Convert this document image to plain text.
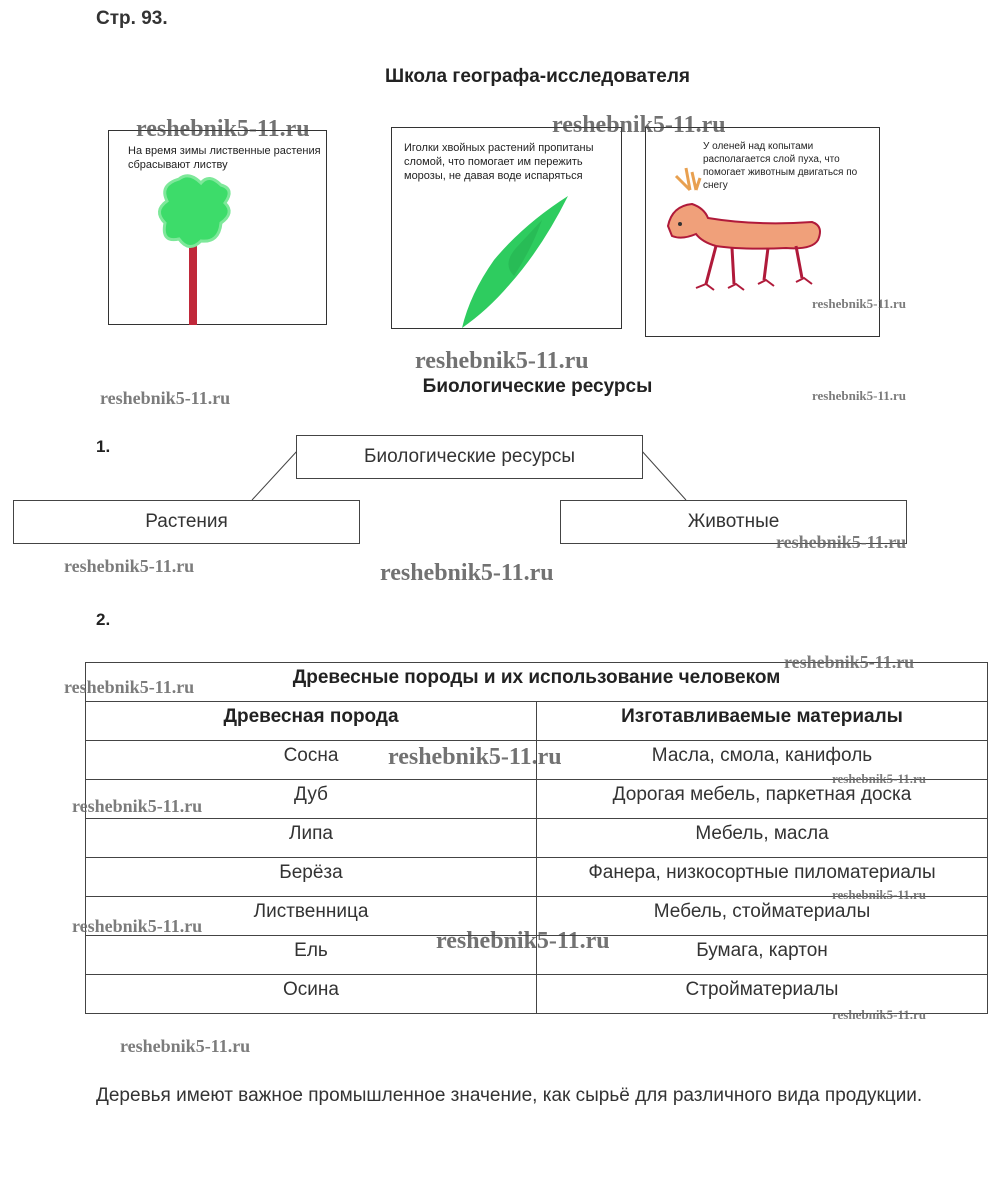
Стр. 93.
Школа географа-исследователя
На время зимы лиственные растения сбрасывают листву
Иголки хвойных растений пропитаны сломой, что помогает им пережить морозы, не давая воде испаряться
У оленей над копытами располагается слой пуха, что помогает животным двигаться по снегу
Биологические ресурсы
1.	Биологические ресурсы
Растения	Животные
2.
Древесные породы и их использование человеком	
Древесная порода	Изготавливаемые материалы
Сосна	Масла, смола, канифоль
Дуб	Дорогая мебель, паркетная доска
Липа	Мебель, масла
Берёза	Фанера, низкосортные пиломатериалы
Лиственница	Мебель, стойматериалы
Ель	Бумага, картон
Осина	Стройматериалы
Деревья имеют важное промышленное значение, как сырьё для различного вида продукции.
reshebnik5-11.ru	reshebnik5-11.ru
reshebnik5-11.ru
reshebnik5-11.ru
reshebnik5-11.ru	reshebnik5-11.ru
reshebnik5-11.ru
reshebnik5-11.ru	reshebnik5-11.ru
reshebnik5-11.ru
reshebnik5-11.ru
reshebnik5-11.ru
reshebnik5-11.ru
reshebnik5-11.ru
reshebnik5-11.ru
reshebnik5-11.ru
reshebnik5-11.ru
reshebnik5-11.ru
reshebnik5-11.ru
